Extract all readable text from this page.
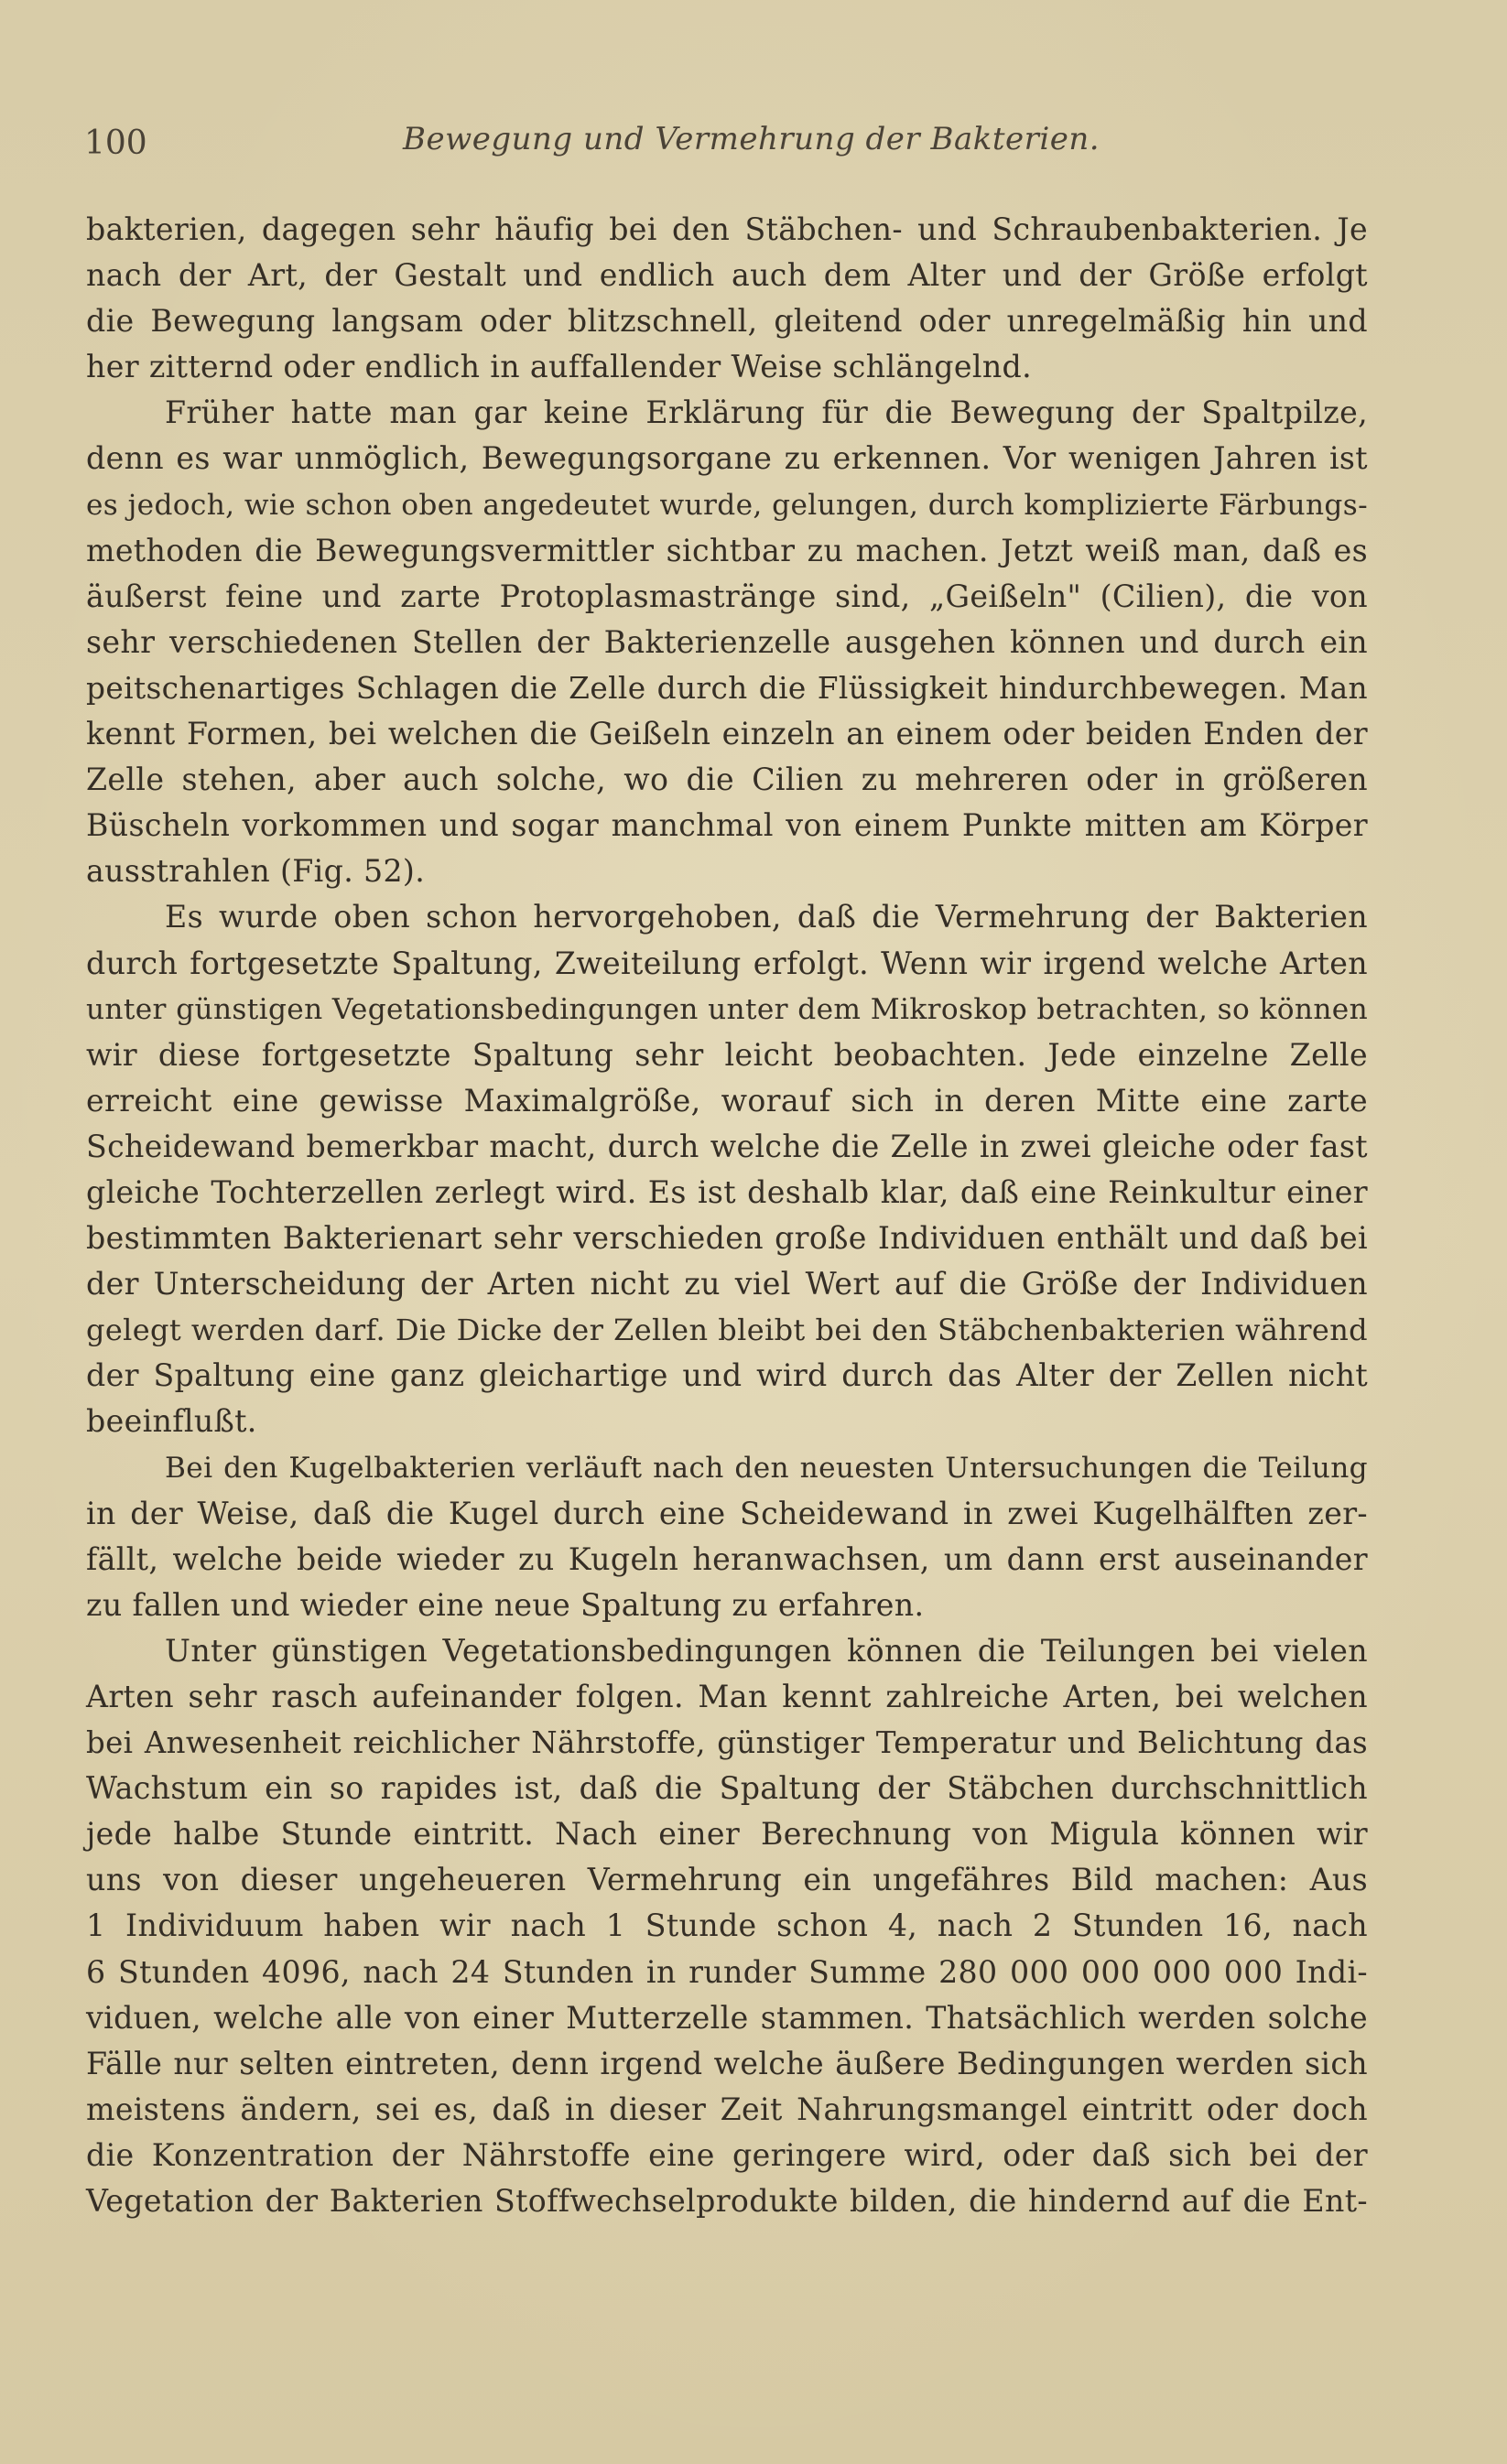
100	Bewegung und Vermehrung der Bakterien.
bakterien, dagegen sehr häufig bei den Stäbchen- und Schraubenbakterien. Je
nach der Art, der Gestalt und endlich auch dem Alter und der Größe erfolgt
die Bewegung langsam oder blitzschnell, gleitend oder unregelmäßig hin und
her zitternd oder endlich in auffallender Weise schlängelnd.
Früher hatte man gar keine Erklärung für die Bewegung der Spaltpilze,
denn es war unmöglich, Bewegungsorgane zu erkennen. Vor wenigen Jahren ist
es jedoch, wie schon oben angedeutet wurde, gelungen, durch komplizierte Färbungs-
methoden die Bewegungsvermittler sichtbar zu machen. Jetzt weiß man, daß es
äußerst feine und zarte Protoplasmastränge sind, „Geißeln" (Cilien), die von
sehr verschiedenen Stellen der Bakterienzelle ausgehen können und durch ein
peitschenartiges Schlagen die Zelle durch die Flüssigkeit hindurchbewegen. Man
kennt Formen, bei welchen die Geißeln einzeln an einem oder beiden Enden der
Zelle stehen, aber auch solche, wo die Cilien zu mehreren oder in größeren
Büscheln vorkommen und sogar manchmal von einem Punkte mitten am Körper
ausstrahlen (Fig. 52).
Es wurde oben schon hervorgehoben, daß die Vermehrung der Bakterien
durch fortgesetzte Spaltung, Zweiteilung erfolgt. Wenn wir irgend welche Arten
unter günstigen Vegetationsbedingungen unter dem Mikroskop betrachten, so können
wir diese fortgesetzte Spaltung sehr leicht beobachten. Jede einzelne Zelle
erreicht eine gewisse Maximalgröße, worauf sich in deren Mitte eine zarte
Scheidewand bemerkbar macht, durch welche die Zelle in zwei gleiche oder fast
gleiche Tochterzellen zerlegt wird. Es ist deshalb klar, daß eine Reinkultur einer
bestimmten Bakterienart sehr verschieden große Individuen enthält und daß bei
der Unterscheidung der Arten nicht zu viel Wert auf die Größe der Individuen
gelegt werden darf. Die Dicke der Zellen bleibt bei den Stäbchenbakterien während
der Spaltung eine ganz gleichartige und wird durch das Alter der Zellen nicht
beeinflußt.
Bei den Kugelbakterien verläuft nach den neuesten Untersuchungen die Teilung
in der Weise, daß die Kugel durch eine Scheidewand in zwei Kugelhälften zer-
fällt, welche beide wieder zu Kugeln heranwachsen, um dann erst auseinander
zu fallen und wieder eine neue Spaltung zu erfahren.
Unter günstigen Vegetationsbedingungen können die Teilungen bei vielen
Arten sehr rasch aufeinander folgen. Man kennt zahlreiche Arten, bei welchen
bei Anwesenheit reichlicher Nährstoffe, günstiger Temperatur und Belichtung das
Wachstum ein so rapides ist, daß die Spaltung der Stäbchen durchschnittlich
jede halbe Stunde eintritt. Nach einer Berechnung von Migula können wir
uns von dieser ungeheueren Vermehrung ein ungefähres Bild machen: Aus
1 Individuum haben wir nach 1 Stunde schon 4, nach 2 Stunden 16, nach
6 Stunden 4096, nach 24 Stunden in runder Summe 280 000 000 000 000 Indi-
viduen, welche alle von einer Mutterzelle stammen. Thatsächlich werden solche
Fälle nur selten eintreten, denn irgend welche äußere Bedingungen werden sich
meistens ändern, sei es, daß in dieser Zeit Nahrungsmangel eintritt oder doch
die Konzentration der Nährstoffe eine geringere wird, oder daß sich bei der
Vegetation der Bakterien Stoffwechselprodukte bilden, die hindernd auf die Ent-
